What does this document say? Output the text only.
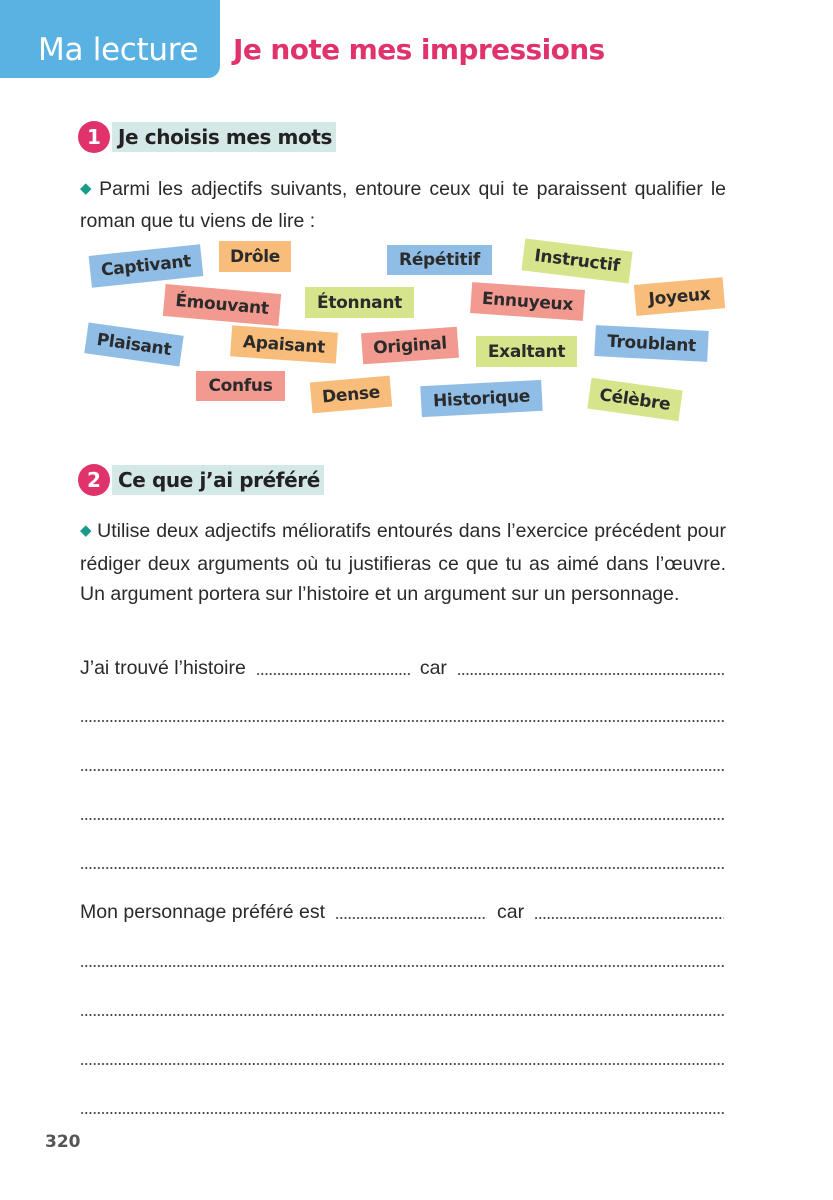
Ma lecture Je note mes impressions
1 Je choisis mes mots
◆ Parmi les adjectifs suivants, entoure ceux qui te paraissent qualifier le roman que tu viens de lire :
Captivant	Drôle	Répétitif	Instructif
Émouvant	Étonnant	Ennuyeux	Joyeux
Plaisant	Apaisant	Original	Exaltant	Troublant
Confus	Dense	Historique	Célèbre
2 Ce que j’ai préféré
◆ Utilise deux adjectifs mélioratifs entourés dans l’exercice précédent pour rédiger deux arguments où tu justifieras ce que tu as aimé dans l’œuvre. Un argument portera sur l’histoire et un argument sur un personnage.
J’ai trouvé l’histoire	car
Mon personnage préféré est	car
320
